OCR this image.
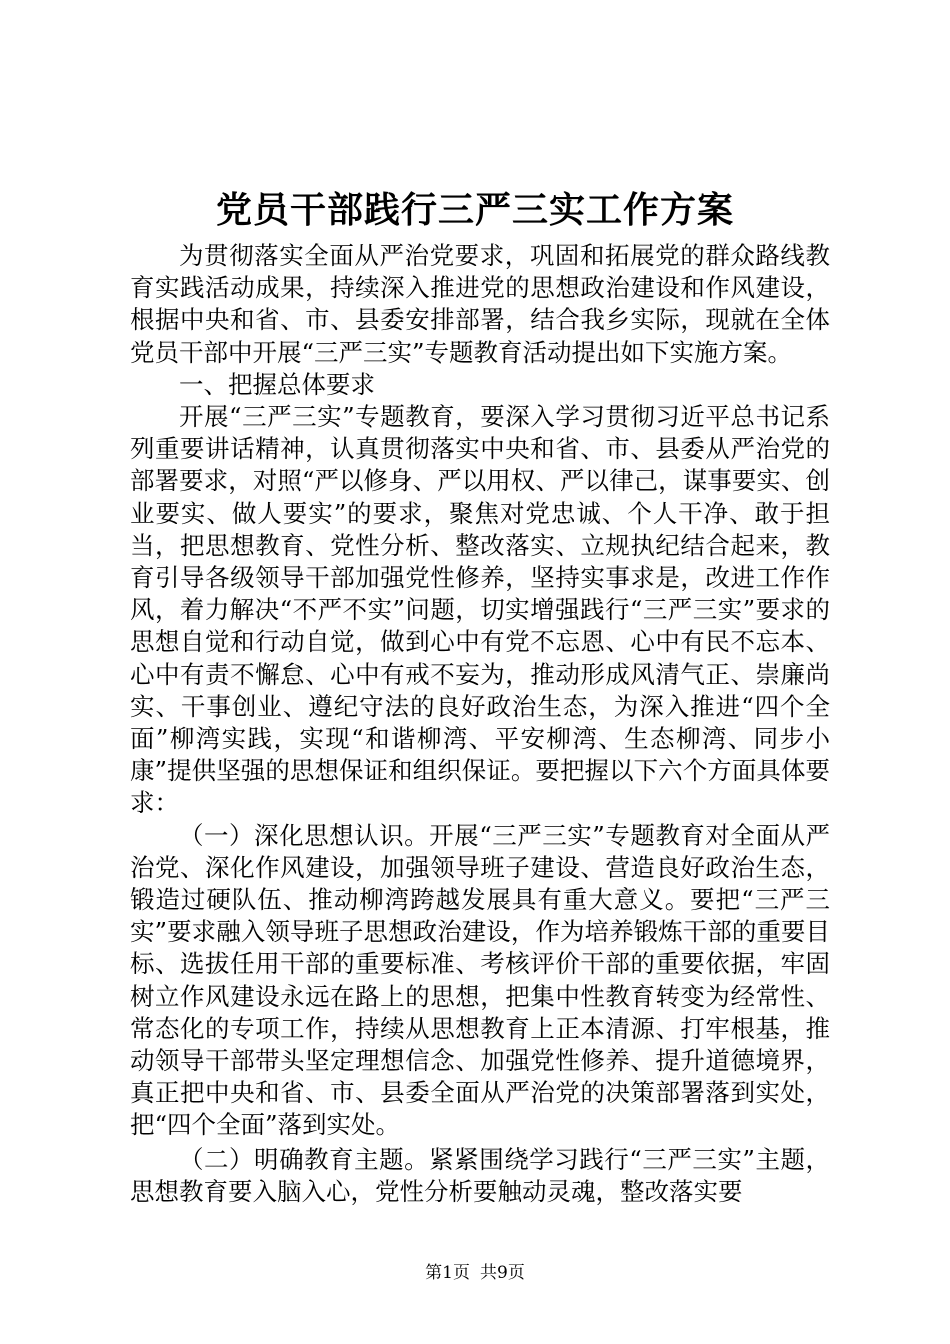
党员干部践行三严三实工作方案

为贯彻落实全面从严治党要求，巩固和拓展党的群众路线教育实践活动成果，持续深入推进党的思想政治建设和作风建设，根据中央和省、市、县委安排部署，结合我乡实际，现就在全体党员干部中开展“三严三实”专题教育活动提出如下实施方案。

一、把握总体要求

开展“三严三实”专题教育，要深入学习贯彻习近平总书记系列重要讲话精神，认真贯彻落实中央和省、市、县委从严治党的部署要求，对照“严以修身、严以用权、严以律己，谋事要实、创业要实、做人要实”的要求，聚焦对党忠诚、个人干净、敢于担当，把思想教育、党性分析、整改落实、立规执纪结合起来，教育引导各级领导干部加强党性修养，坚持实事求是，改进工作作风，着力解决“不严不实”问题，切实增强践行“三严三实”要求的思想自觉和行动自觉，做到心中有党不忘恩、心中有民不忘本、心中有责不懈怠、心中有戒不妄为，推动形成风清气正、崇廉尚实、干事创业、遵纪守法的良好政治生态，为深入推进“四个全面”柳湾实践，实现“和谐柳湾、平安柳湾、生态柳湾、同步小康”提供坚强的思想保证和组织保证。要把握以下六个方面具体要求：

（一）深化思想认识。开展“三严三实”专题教育对全面从严治党、深化作风建设，加强领导班子建设、营造良好政治生态，锻造过硬队伍、推动柳湾跨越发展具有重大意义。要把“三严三实”要求融入领导班子思想政治建设，作为培养锻炼干部的重要目标、选拔任用干部的重要标准、考核评价干部的重要依据，牢固树立作风建设永远在路上的思想，把集中性教育转变为经常性、常态化的专项工作，持续从思想教育上正本清源、打牢根基，推动领导干部带头坚定理想信念、加强党性修养、提升道德境界，真正把中央和省、市、县委全面从严治党的决策部署落到实处，把“四个全面”落到实处。

（二）明确教育主题。紧紧围绕学习践行“三严三实”主题，思想教育要入脑入心，党性分析要触动灵魂，整改落实要

第1页 共9页
